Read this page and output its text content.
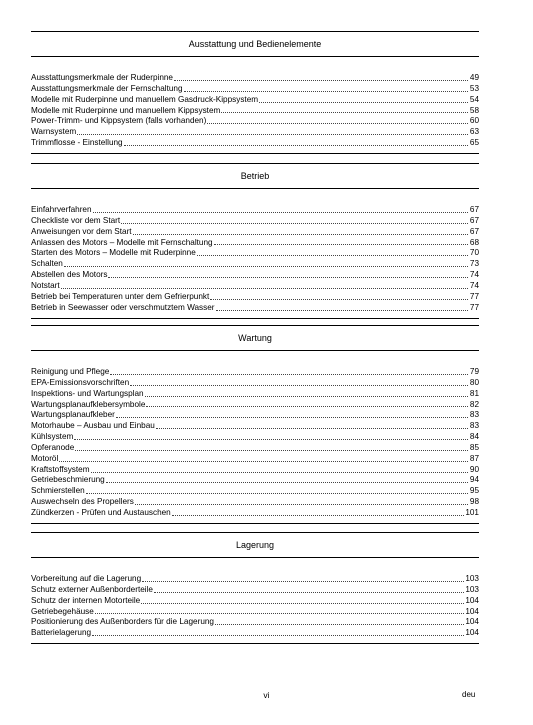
Ausstattung und Bedienelemente
Ausstattungsmerkmale der Ruderpinne	49
Ausstattungsmerkmale der Fernschaltung	53
Modelle mit Ruderpinne und manuellem Gasdruck-Kippsystem	54
Modelle mit Ruderpinne und manuellem Kippsystem	58
Power-Trimm- und Kippsystem (falls vorhanden)	60
Warnsystem	63
Trimmflosse - Einstellung	65
Betrieb
Einfahrverfahren	67
Checkliste vor dem Start	67
Anweisungen vor dem Start	67
Anlassen des Motors – Modelle mit Fernschaltung	68
Starten des Motors – Modelle mit Ruderpinne	70
Schalten	73
Abstellen des Motors	74
Notstart	74
Betrieb bei Temperaturen unter dem Gefrierpunkt	77
Betrieb in Seewasser oder verschmutztem Wasser	77
Wartung
Reinigung und Pflege	79
EPA-Emissionsvorschriften	80
Inspektions- und Wartungsplan	81
Wartungsplanaufklebersymbole	82
Wartungsplanaufkleber	83
Motorhaube – Ausbau und Einbau	83
Kühlsystem	84
Opferanode	85
Motoröl	87
Kraftstoffsystem	90
Getriebeschmierung	94
Schmierstellen	95
Auswechseln des Propellers	98
Zündkerzen - Prüfen und Austauschen	101
Lagerung
Vorbereitung auf die Lagerung	103
Schutz externer Außenborderteile	103
Schutz der internen Motorteile	104
Getriebegehäuse	104
Positionierung des Außenborders für die Lagerung	104
Batterielagerung	104
vi	deu
